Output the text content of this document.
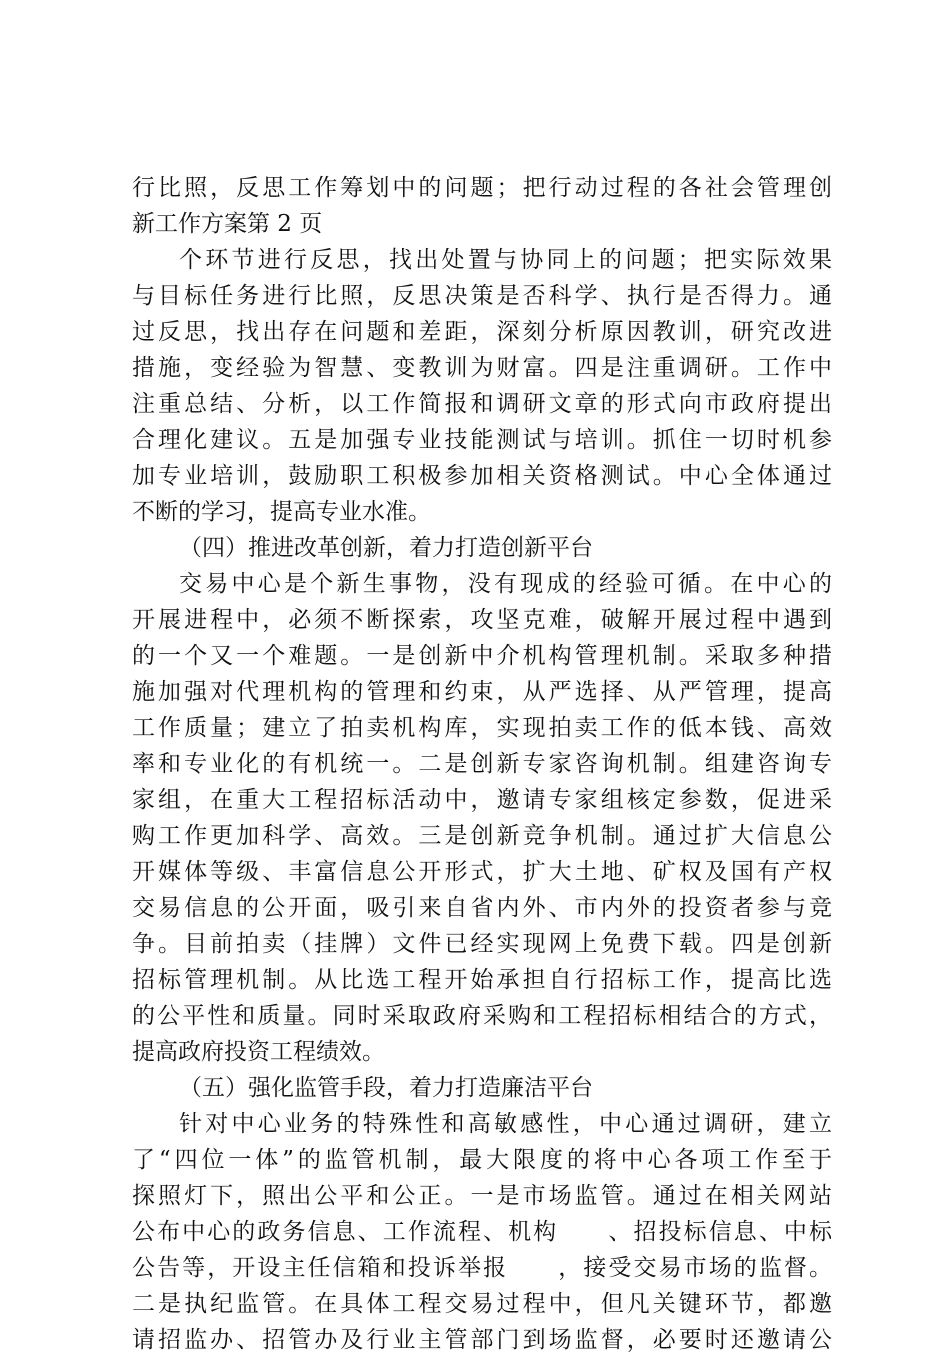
行比照，反思工作筹划中的问题；把行动过程的各社会管理创
新工作方案第 2 页
个环节进行反思，找出处置与协同上的问题；把实际效果
与目标任务进行比照，反思决策是否科学、执行是否得力。通
过反思，找出存在问题和差距，深刻分析原因教训，研究改进
措施，变经验为智慧、变教训为财富。四是注重调研。工作中
注重总结、分析，以工作简报和调研文章的形式向市政府提出
合理化建议。五是加强专业技能测试与培训。抓住一切时机参
加专业培训，鼓励职工积极参加相关资格测试。中心全体通过
不断的学习，提高专业水准。
（四）推进改革创新，着力打造创新平台
交易中心是个新生事物，没有现成的经验可循。在中心的
开展进程中，必须不断探索，攻坚克难，破解开展过程中遇到
的一个又一个难题。一是创新中介机构管理机制。采取多种措
施加强对代理机构的管理和约束，从严选择、从严管理，提高
工作质量；建立了拍卖机构库，实现拍卖工作的低本钱、高效
率和专业化的有机统一。二是创新专家咨询机制。组建咨询专
家组，在重大工程招标活动中，邀请专家组核定参数，促进采
购工作更加科学、高效。三是创新竞争机制。通过扩大信息公
开媒体等级、丰富信息公开形式，扩大土地、矿权及国有产权
交易信息的公开面，吸引来自省内外、市内外的投资者参与竞
争。目前拍卖（挂牌）文件已经实现网上免费下载。四是创新
招标管理机制。从比选工程开始承担自行招标工作，提高比选
的公平性和质量。同时采取政府采购和工程招标相结合的方式，
提高政府投资工程绩效。
（五）强化监管手段，着力打造廉洁平台
针对中心业务的特殊性和高敏感性，中心通过调研，建立
了“四位一体”的监管机制，最大限度的将中心各项工作至于
探照灯下，照出公平和公正。一是市场监管。通过在相关网站
公布中心的政务信息、工作流程、机构　　、招投标信息、中标
公告等，开设主任信箱和投诉举报　　，接受交易市场的监督。
二是执纪监管。在具体工程交易过程中，但凡关键环节，都邀
请招监办、招管办及行业主管部门到场监督，必要时还邀请公
